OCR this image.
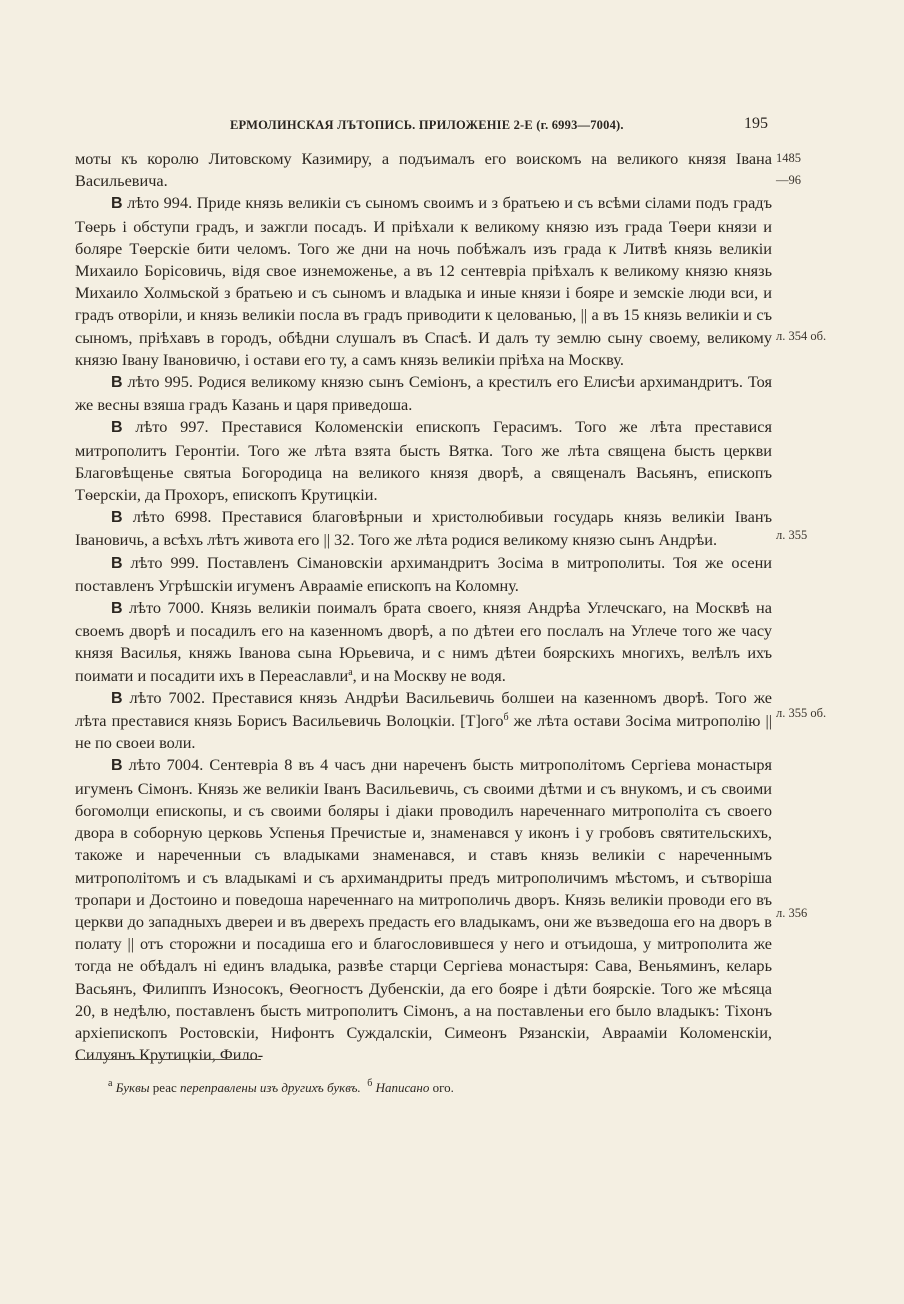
ЕРМОЛИНСКАЯ ЛЪТОПИСЬ. ПРИЛОЖЕНIЕ 2-Е (г. 6993—7004).	195

моты къ королю Литовскому Казимиру, а подъималъ его воискомъ на великого князя Iвана Васильевича.

В лѣто 994. Приде князь великiи съ сыномъ своимъ и з братьею и съ всѣми сiлами подъ градъ Тѳерь i обступи градъ, и зажгли посадъ. И прiѣхали к великому князю изъ града Тѳери князи и боляре Тѳерскiе бити челомъ. Того же дни на ночь побѣжалъ изъ града к Литвѣ князь великiи Михаило Борiсовичь, відя свое изнеможенье, а въ 12 сентевріа прiѣхалъ к великому князю князь Михаило Холмьской з братьею и съ сыномъ и владыка и иные князи i бояре и земскiе люди вси, и градъ отворiли, и князь великiи посла въ градъ приводити к целованью, || а въ 15 князь великiи и съ сыномъ, прiѣхавъ в городъ, обѣдни слушалъ въ Спасѣ. И далъ ту землю сыну своему, великому князю Iвану Iвановичю, i остави его ту, а самъ князь великiи прiѣха на Москву.

В лѣто 995. Родися великому князю сынъ Семiонъ, а крестилъ его Елисѣи архимандритъ. Тоя же весны взяша градъ Казань и царя приведоша.

В лѣто 997. Преставися Коломенскiи епископъ Герасимъ. Того же лѣта преставися митрополитъ Геронтiи. Того же лѣта взята бысть Вятка. Того же лѣта священа бысть церкви Благовѣщенье святыа Богородица на великого князя дворѣ, а священалъ Васьянъ, епископъ Тѳерскiи, да Прохоръ, епископъ Крутицкiи.

В лѣто 6998. Преставися благовѣрныи и христолюбивыи государь князь великiи Iванъ Iвановичь, а всѣхъ лѣтъ живота его || 32. Того же лѣта родися великому князю сынъ Андрѣи.

В лѣто 999. Поставленъ Сiмановскiи архимандритъ Зосiма в митрополиты. Тоя же осени поставленъ Угрѣшскiи игуменъ Авраамiе епископъ на Коломну.

В лѣто 7000. Князь великiи поималъ брата своего, князя Андрѣа Углечскаго, на Москвѣ на своемъ дворѣ и посадилъ его на казенномъ дворѣ, а по дѣтеи его послалъ на Углече того же часу князя Василья, княжь Iванова сына Юрьевича, и с нимъ дѣтеи боярскихъ многихъ, велѣлъ ихъ поимати и посадити ихъ в Переаславли$^а$, и на Москву не водя.

В лѣто 7002. Преставися князь Андрѣи Васильевичь болшеи на казенномъ дворѣ. Того же лѣта преставися князь Борисъ Васильевичь Волоцкiи. [Т]ого$^б$ же лѣта остави Зосiма митрополiю || не по своеи воли.

В лѣто 7004. Сентевріа 8 въ 4 часъ дни нареченъ бысть митрополiтомъ Сергiева монастыря игуменъ Сiмонъ. Князь же великiи Iванъ Васильевичь, съ своими дѣтми и съ внукомъ, и съ своими богомолци епископы, и съ своими боляры i дiаки проводилъ нареченнаго митрополiта съ своего двора в соборную церковь Успенья Пречистые и, знаменався у иконъ i у гробовъ святительскихъ, такоже и нареченныи съ владыками знаменався, и ставъ князь великiи с нареченнымъ митрополiтомъ и съ владыкамi и съ архимандриты предъ митрополичимъ мѣстомъ, и сътворiша тропари и Достоино и поведоша нареченнаго на митрополичь дворъ. Князь великiи проводи его въ церкви до западныхъ двереи и въ дверехъ предасть его владыкамъ, они же възведоша его на дворъ в полату || отъ сторожни и посадиша его и благословившеся у него и отъидоша, у митрополита же тогда не обѣдалъ нi единъ владыка, развѣе старци Сергiева монастыря: Сава, Веньяминъ, келарь Васьянъ, Филиппъ Износокъ, Ѳеогностъ Дубенскiи, да его бояре i дѣти боярскiе. Того же мѣсяца 20, в недѣлю, поставленъ бысть митрополитъ Сiмонъ, а на поставленьи его было владыкъ: Тiхонъ архiепископъ Ростовскiи, Нифонтъ Суждалскiи, Симеонъ Рязанскiи, Авраамiи Коломенскiи, Силуянъ Крутицкiи, Фило-

1485
—96
л. 354 об.
л. 355
л. 355 об.
л. 356
$^а$ Буквы реас переправлены изъ другихъ буквъ. $^б$ Написано ого.
